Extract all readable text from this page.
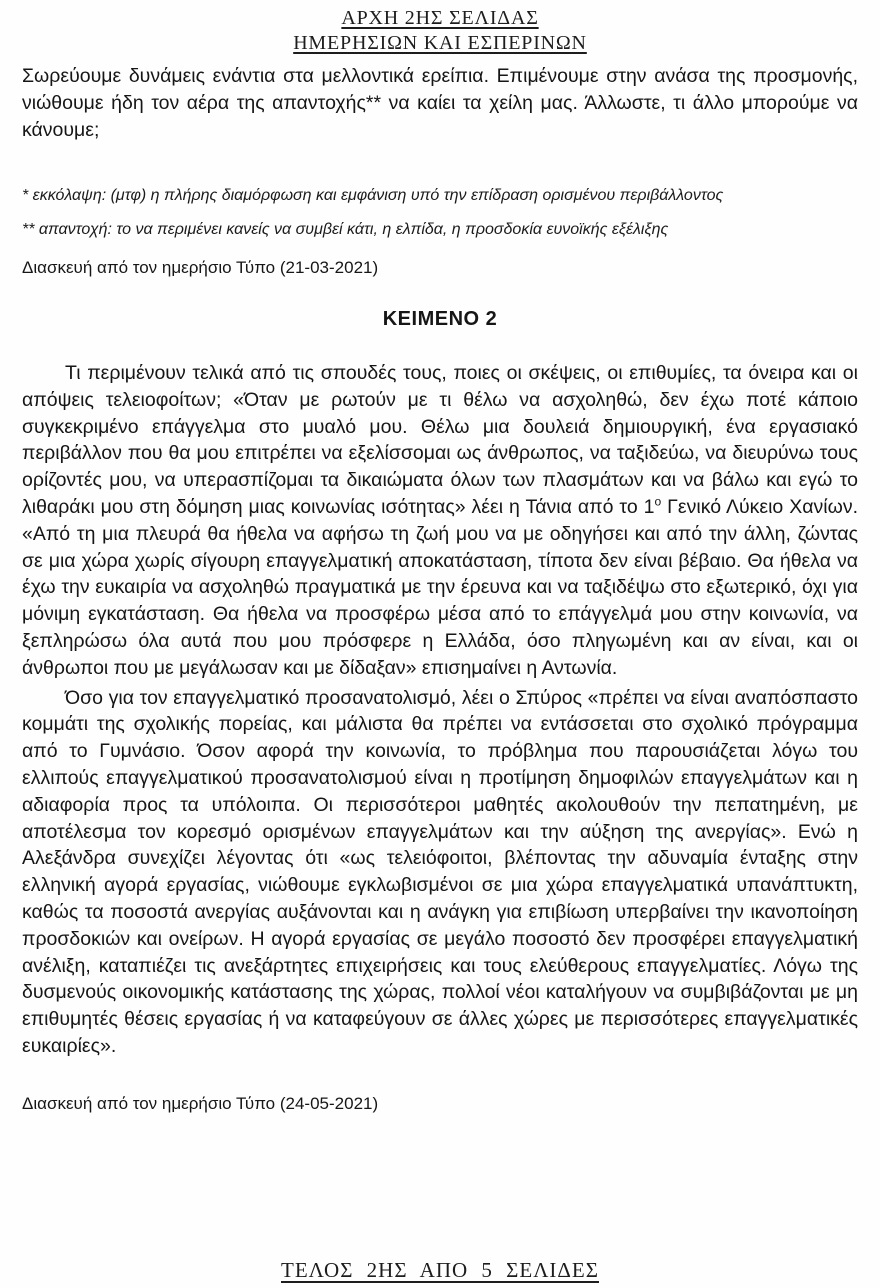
ΑΡΧΗ 2ΗΣ ΣΕΛΙΔΑΣ
ΗΜΕΡΗΣΙΩΝ ΚΑΙ ΕΣΠΕΡΙΝΩΝ

Σωρεύουμε δυνάμεις ενάντια στα μελλοντικά ερείπια. Επιμένουμε στην ανάσα της προσμονής, νιώθουμε ήδη τον αέρα της απαντοχής** να καίει τα χείλη μας. Άλλωστε, τι άλλο μπορούμε να κάνουμε;

* εκκόλαψη: (μτφ) η πλήρης διαμόρφωση και εμφάνιση υπό την επίδραση ορισμένου περιβάλλοντος

** απαντοχή: το να περιμένει κανείς να συμβεί κάτι, η ελπίδα, η προσδοκία ευνοϊκής εξέλιξης

Διασκευή από τον ημερήσιο Τύπο (21-03-2021)

ΚΕΙΜΕΝΟ 2

Τι περιμένουν τελικά από τις σπουδές τους, ποιες οι σκέψεις, οι επιθυμίες, τα όνειρα και οι απόψεις τελειοφοίτων; «Όταν με ρωτούν με τι θέλω να ασχοληθώ, δεν έχω ποτέ κάποιο συγκεκριμένο επάγγελμα στο μυαλό μου. Θέλω μια δουλειά δημιουργική, ένα εργασιακό περιβάλλον που θα μου επιτρέπει να εξελίσσομαι ως άνθρωπος, να ταξιδεύω, να διευρύνω τους ορίζοντές μου, να υπερασπίζομαι τα δικαιώματα όλων των πλασμάτων και να βάλω και εγώ το λιθαράκι μου στη δόμηση μιας κοινωνίας ισότητας» λέει η Τάνια από το $1^o$ Γενικό Λύκειο Χανίων. «Από τη μια πλευρά θα ήθελα να αφήσω τη ζωή μου να με οδηγήσει και από την άλλη, ζώντας σε μια χώρα χωρίς σίγουρη επαγγελματική αποκατάσταση, τίποτα δεν είναι βέβαιο. Θα ήθελα να έχω την ευκαιρία να ασχοληθώ πραγματικά με την έρευνα και να ταξιδέψω στο εξωτερικό, όχι για μόνιμη εγκατάσταση. Θα ήθελα να προσφέρω μέσα από το επάγγελμά μου στην κοινωνία, να ξεπληρώσω όλα αυτά που μου πρόσφερε η Ελλάδα, όσο πληγωμένη και αν είναι, και οι άνθρωποι που με μεγάλωσαν και με δίδαξαν» επισημαίνει η Αντωνία.

Όσο για τον επαγγελματικό προσανατολισμό, λέει ο Σπύρος «πρέπει να είναι αναπόσπαστο κομμάτι της σχολικής πορείας, και μάλιστα θα πρέπει να εντάσσεται στο σχολικό πρόγραμμα από το Γυμνάσιο. Όσον αφορά την κοινωνία, το πρόβλημα που παρουσιάζεται λόγω του ελλιπούς επαγγελματικού προσανατολισμού είναι η προτίμηση δημοφιλών επαγγελμάτων και η αδιαφορία προς τα υπόλοιπα. Οι περισσότεροι μαθητές ακολουθούν την πεπατημένη, με αποτέλεσμα τον κορεσμό ορισμένων επαγγελμάτων και την αύξηση της ανεργίας». Ενώ η Αλεξάνδρα συνεχίζει λέγοντας ότι «ως τελειόφοιτοι, βλέποντας την αδυναμία ένταξης στην ελληνική αγορά εργασίας, νιώθουμε εγκλωβισμένοι σε μια χώρα επαγγελματικά υπανάπτυκτη, καθώς τα ποσοστά ανεργίας αυξάνονται και η ανάγκη για επιβίωση υπερβαίνει την ικανοποίηση προσδοκιών και ονείρων. Η αγορά εργασίας σε μεγάλο ποσοστό δεν προσφέρει επαγγελματική ανέλιξη, καταπιέζει τις ανεξάρτητες επιχειρήσεις και τους ελεύθερους επαγγελματίες. Λόγω της δυσμενούς οικονομικής κατάστασης της χώρας, πολλοί νέοι καταλήγουν να συμβιβάζονται με μη επιθυμητές θέσεις εργασίας ή να καταφεύγουν σε άλλες χώρες με περισσότερες επαγγελματικές ευκαιρίες».

Διασκευή από τον ημερήσιο Τύπο (24-05-2021)

ΤΕΛΟΣ 2ΗΣ ΑΠΟ 5 ΣΕΛΙΔΕΣ
